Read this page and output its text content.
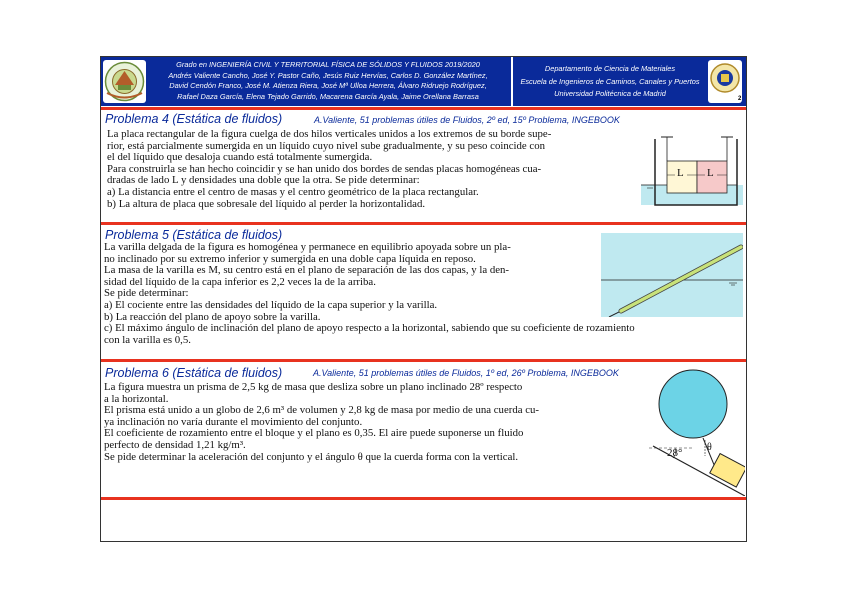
Grado en INGENIERÍA CIVIL Y TERRITORIAL FÍSICA DE SÓLIDOS Y FLUIDOS 2019/2020
Andrés Valiente Cancho, José Y. Pastor Caño, Jesús Ruiz Hervías, Carlos D. González Martínez,
David Cendón Franco, José M. Atienza Riera, José Mª Ulloa Herrera, Álvaro Ridruejo Rodríguez,
Rafael Daza García, Elena Tejado Garrido, Macarena García Ayala, Jaime Orellana Barrasa
Departamento de Ciencia de Materiales
Escuela de Ingenieros de Caminos, Canales y Puertos
Universidad Politécnica de Madrid
2
Problema 4 (Estática de fluidos)	A.Valiente, 51 problemas útiles de Fluidos, 2º ed, 15º Problema, INGEBOOK

La placa rectangular de la figura cuelga de dos hilos verticales unidos a los extremos de su borde supe-

rior, está parcialmente sumergida en un líquido cuyo nivel sube gradualmente, y su peso coincide con

el del líquido que desaloja cuando está totalmente sumergida.

Para construirla se han hecho coincidir y se han unido dos bordes de sendas placas homogéneas cua-

dradas de lado L y densidades una doble que la otra. Se pide determinar:

a) La distancia entre el centro de masas y el centro geométrico de la placa rectangular.

b) La altura de placa que sobresale del líquido al perder la horizontalidad.

L L
Problema 5 (Estática de fluidos)

La varilla delgada de la figura es homogénea y permanece en equilibrio apoyada sobre un pla-

no inclinado por su extremo inferior y sumergida en una doble capa líquida en reposo.

La masa de la varilla es M, su centro está en el plano de separación de las dos capas, y la den-

sidad del líquido de la capa inferior es 2,2 veces la de la arriba.

Se pide determinar:

a) El cociente entre las densidades del líquido de la capa superior y la varilla.

b) La reacción del plano de apoyo sobre la varilla.

c) El máximo ángulo de inclinación del plano de apoyo respecto a la horizontal, sabiendo que su coeficiente de rozamiento

con la varilla es 0,5.

Problema 6 (Estática de fluidos)	A.Valiente, 51 problemas útiles de Fluidos, 1º ed, 26º Problema, INGEBOOK

La figura muestra un prisma de 2,5 kg de masa que desliza sobre un plano inclinado 28º respecto

a la horizontal.

El prisma está unido a un globo de 2,6 m³ de volumen y 2,8 kg de masa por medio de una cuerda cu-

ya inclinación no varía durante el movimiento del conjunto.

El coeficiente de rozamiento entre el bloque y el plano es 0,35. El aire puede suponerse un fluido

perfecto de densidad 1,21 kg/m³.

Se pide determinar la aceleración del conjunto y el ángulo θ que la cuerda forma con la vertical.	28° θ
